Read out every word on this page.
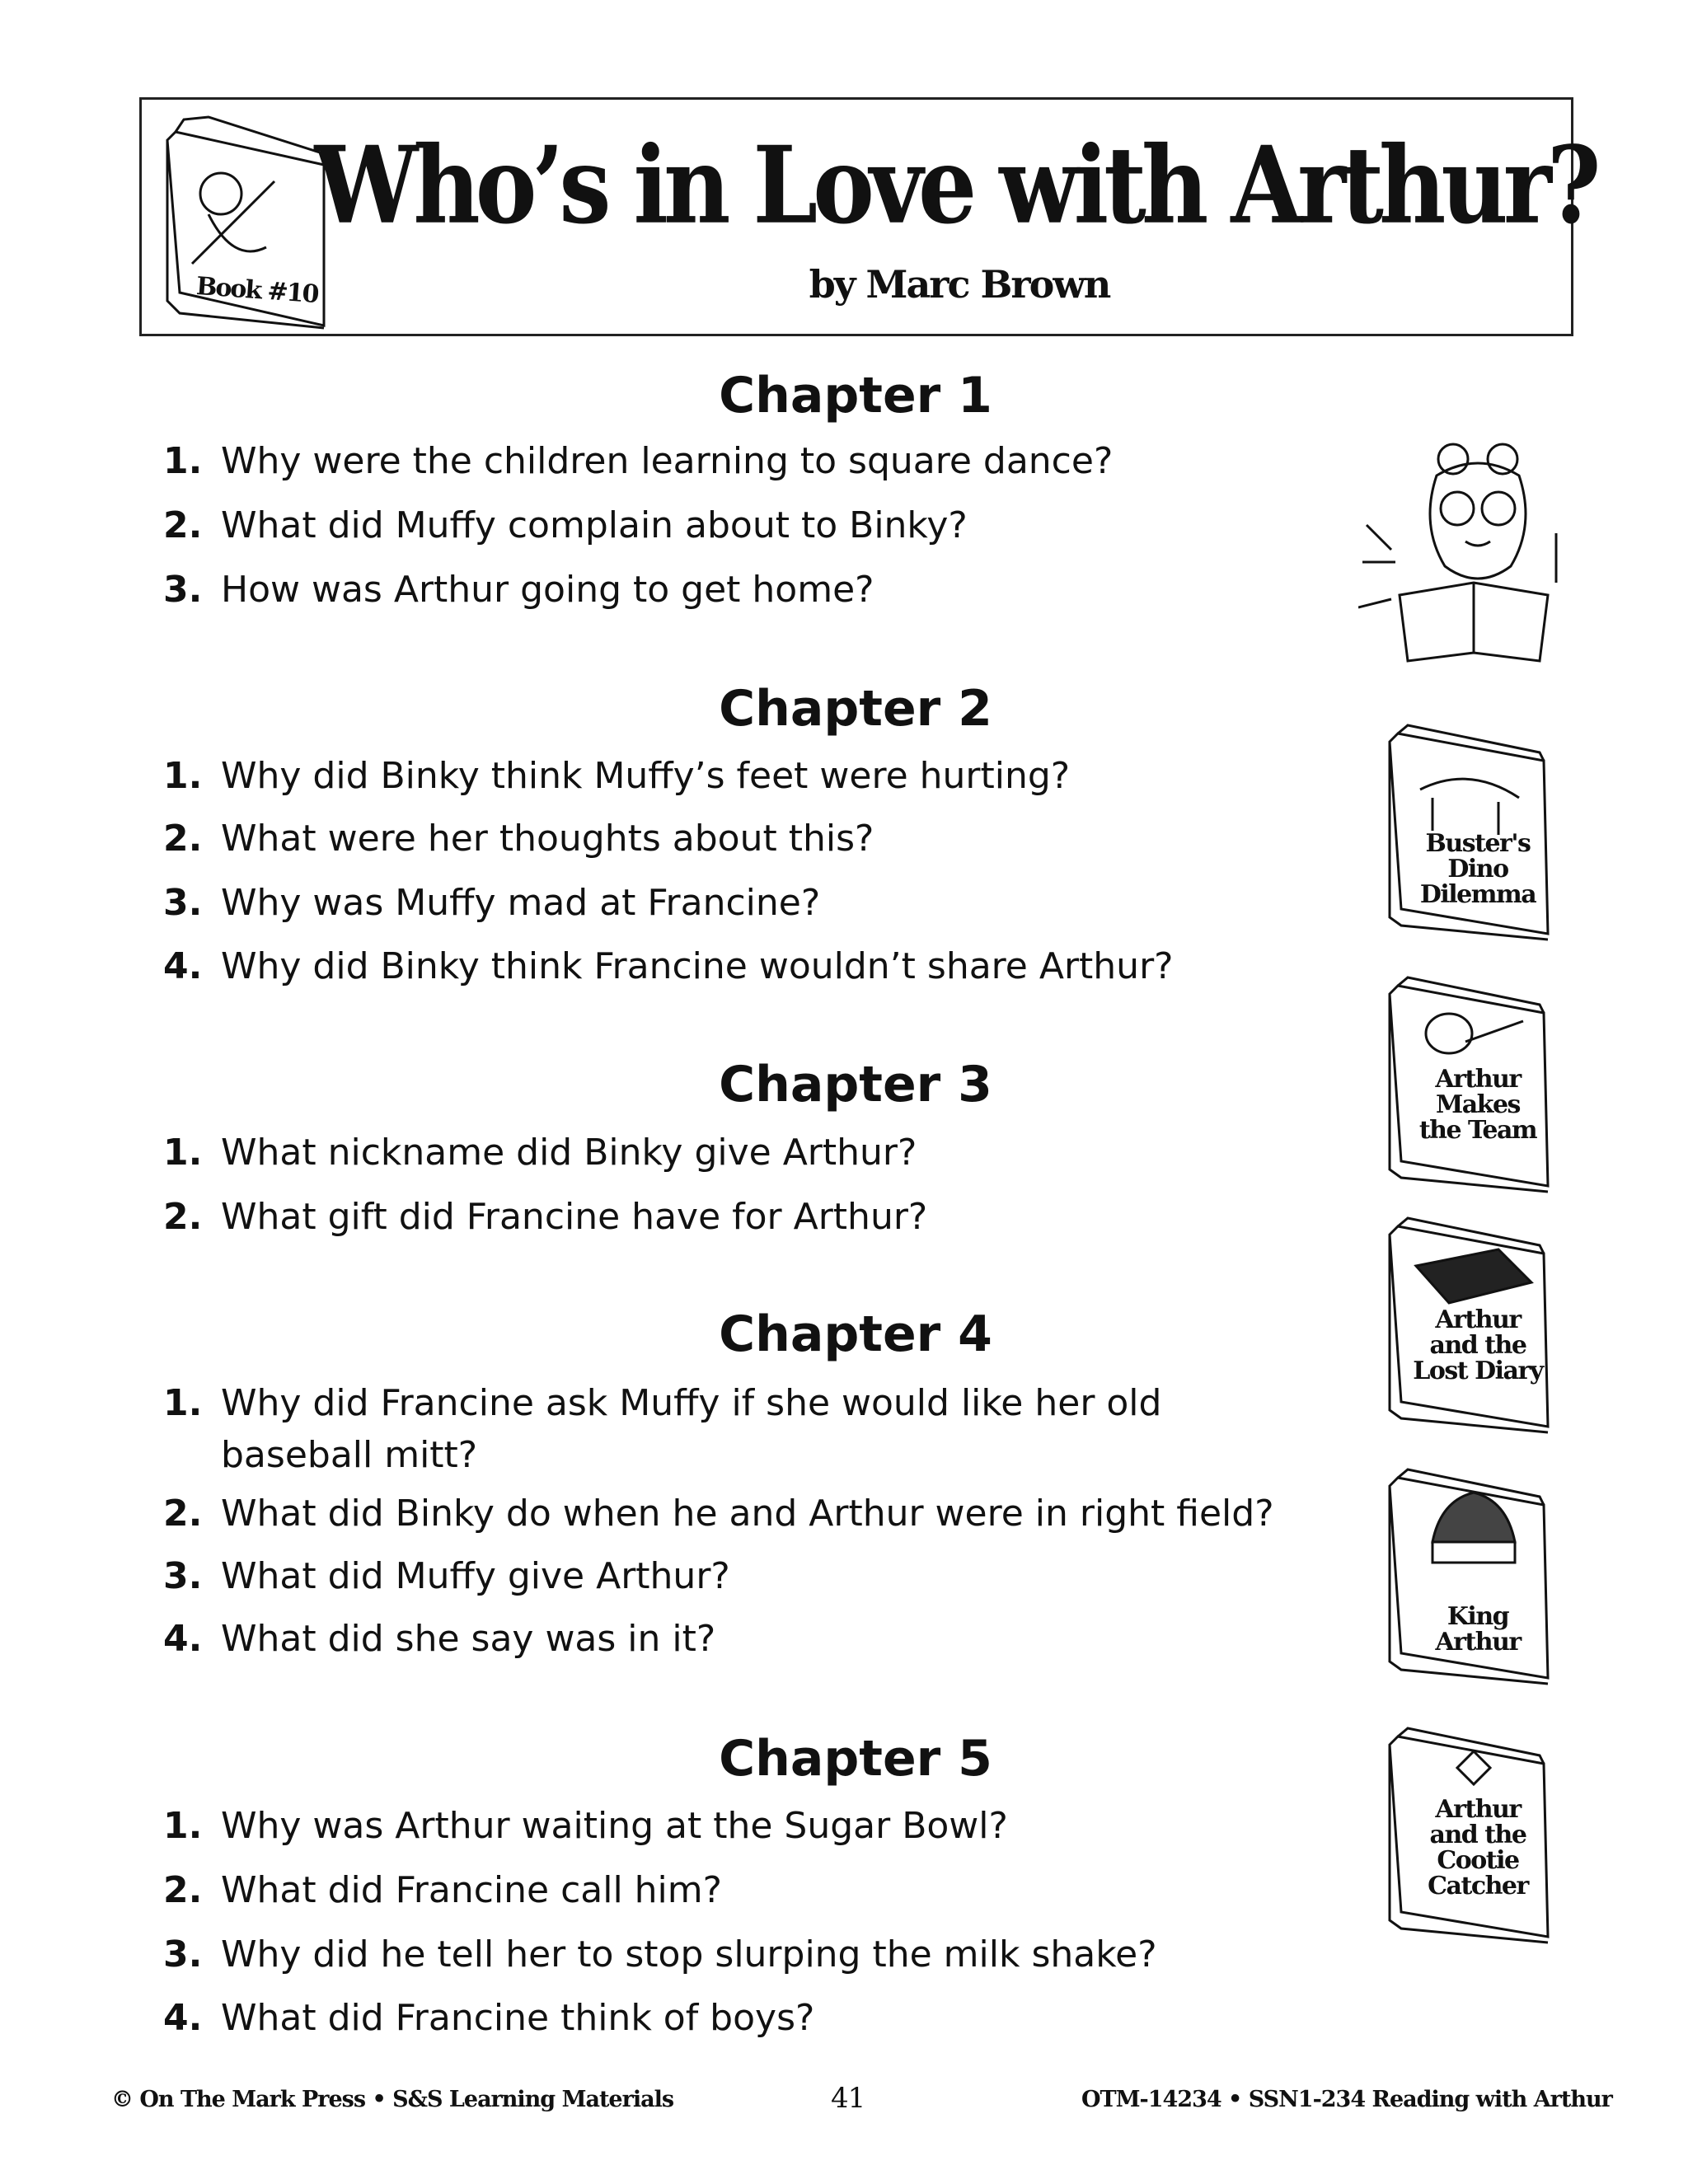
Book #10
Who’s in Love with Arthur?
by Marc Brown
Chapter 1
1. Why were the children learning to square dance?
2. What did Muffy complain about to Binky?
3. How was Arthur going to get home?
Chapter 2
1. Why did Binky think Muffy’s feet were hurting?
2. What were her thoughts about this?
3. Why was Muffy mad at Francine?
4. Why did Binky think Francine wouldn’t share Arthur?
Chapter 3
1. What nickname did Binky give Arthur?
2. What gift did Francine have for Arthur?
Chapter 4
1. Why did Francine ask Muffy if she would like her old
baseball mitt?
2. What did Binky do when he and Arthur were in right field?
3. What did Muffy give Arthur?
4. What did she say was in it?
Chapter 5
1. Why was Arthur waiting at the Sugar Bowl?
2. What did Francine call him?
3. Why did he tell her to stop slurping the milk shake?
4. What did Francine think of boys?
Buster's Dino Dilemma
Arthur Makes the Team
Arthur and the Lost Diary
King Arthur
Arthur and the Cootie Catcher
© On The Mark Press • S&S Learning Materials	41	OTM-14234 • SSN1-234 Reading with Arthur
